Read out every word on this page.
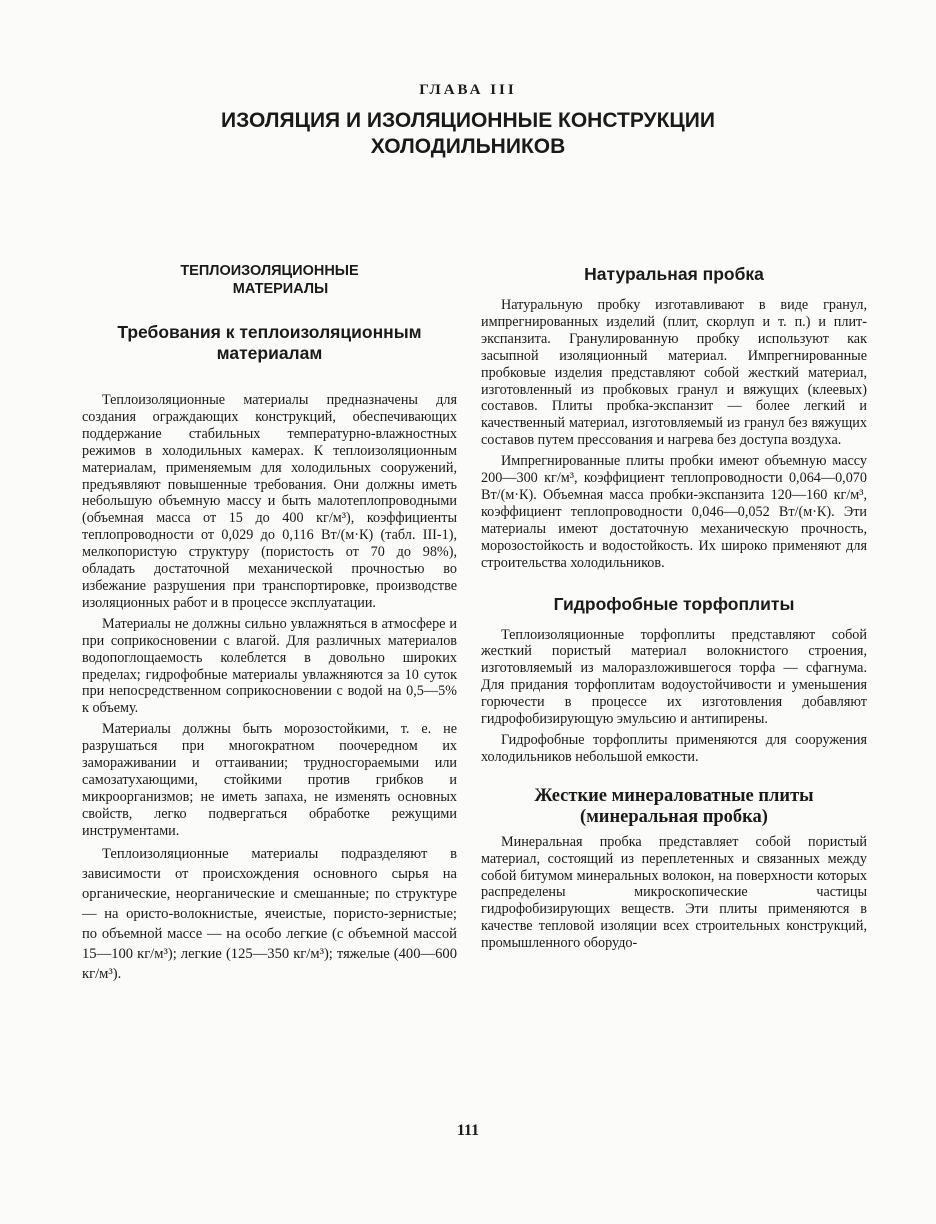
ГЛАВА III
ИЗОЛЯЦИЯ И ИЗОЛЯЦИОННЫЕ КОНСТРУКЦИИ
ХОЛОДИЛЬНИКОВ
ТЕПЛОИЗОЛЯЦИОННЫЕ
МАТЕРИАЛЫ
Требования к теплоизоляционным
материалам

Теплоизоляционные материалы предназначены для создания ограждающих конструкций, обеспечивающих поддержание стабильных температурно-влажностных режимов в холодильных камерах. К теплоизоляционным материалам, применяемым для холодильных сооружений, предъявляют повышенные требования. Они должны иметь небольшую объемную массу и быть малотеплопроводными (объемная масса от 15 до 400 кг/м³), коэффициенты теплопроводности от 0,029 до 0,116 Вт/(м·К) (табл. III-1), мелкопористую структуру (пористость от 70 до 98%), обладать достаточной механической прочностью во избежание разрушения при транспортировке, производстве изоляционных работ и в процессе эксплуатации.

Материалы не должны сильно увлажняться в атмосфере и при соприкосновении с влагой. Для различных материалов водопоглощаемость колеблется в довольно широких пределах; гидрофобные материалы увлажняются за 10 суток при непосредственном соприкосновении с водой на 0,5—5% к объему.

Материалы должны быть морозостойкими, т. е. не разрушаться при многократном поочередном их замораживании и оттаивании; трудносгораемыми или самозатухающими, стойкими против грибков и микроорганизмов; не иметь запаха, не изменять основных свойств, легко подвергаться обработке режущими инструментами.

Теплоизоляционные материалы подразделяют в зависимости от происхождения основного сырья на органические, неорганические и смешанные; по структуре — на ористо-волокнистые, ячеистые, пористо-зернистые; по объемной массе — на особо легкие (с объемной массой 15—100 кг/м³); легкие (125—350 кг/м³); тяжелые (400—600 кг/м³).

Натуральная пробка

Натуральную пробку изготавливают в виде гранул, импрегнированных изделий (плит, скорлуп и т. п.) и плит-экспанзита. Гранулированную пробку используют как засыпной изоляционный материал. Импрегнированные пробковые изделия представляют собой жесткий материал, изготовленный из пробковых гранул и вяжущих (клеевых) составов. Плиты пробка-экспанзит — более легкий и качественный материал, изготовляемый из гранул без вяжущих составов путем прессования и нагрева без доступа воздуха.

Импрегнированные плиты пробки имеют объемную массу 200—300 кг/м³, коэффициент теплопроводности 0,064—0,070 Вт/(м·К). Объемная масса пробки-экспанзита 120—160 кг/м³, коэффициент теплопроводности 0,046—0,052 Вт/(м·К). Эти материалы имеют достаточную механическую прочность, морозостойкость и водостойкость. Их широко применяют для строительства холодильников.

Гидрофобные торфоплиты

Теплоизоляционные торфоплиты представляют собой жесткий пористый материал волокнистого строения, изготовляемый из малоразложившегося торфа — сфагнума. Для придания торфоплитам водоустойчивости и уменьшения горючести в процессе их изготовления добавляют гидрофобизирующую эмульсию и антипирены.

Гидрофобные торфоплиты применяются для сооружения холодильников небольшой емкости.

Жесткие минераловатные плиты
(минеральная пробка)

Минеральная пробка представляет собой пористый материал, состоящий из переплетенных и связанных между собой битумом минеральных волокон, на поверхности которых распределены микроскопические частицы гидрофобизирующих веществ. Эти плиты применяются в качестве тепловой изоляции всех строительных конструкций, промышленного оборудо-

111
